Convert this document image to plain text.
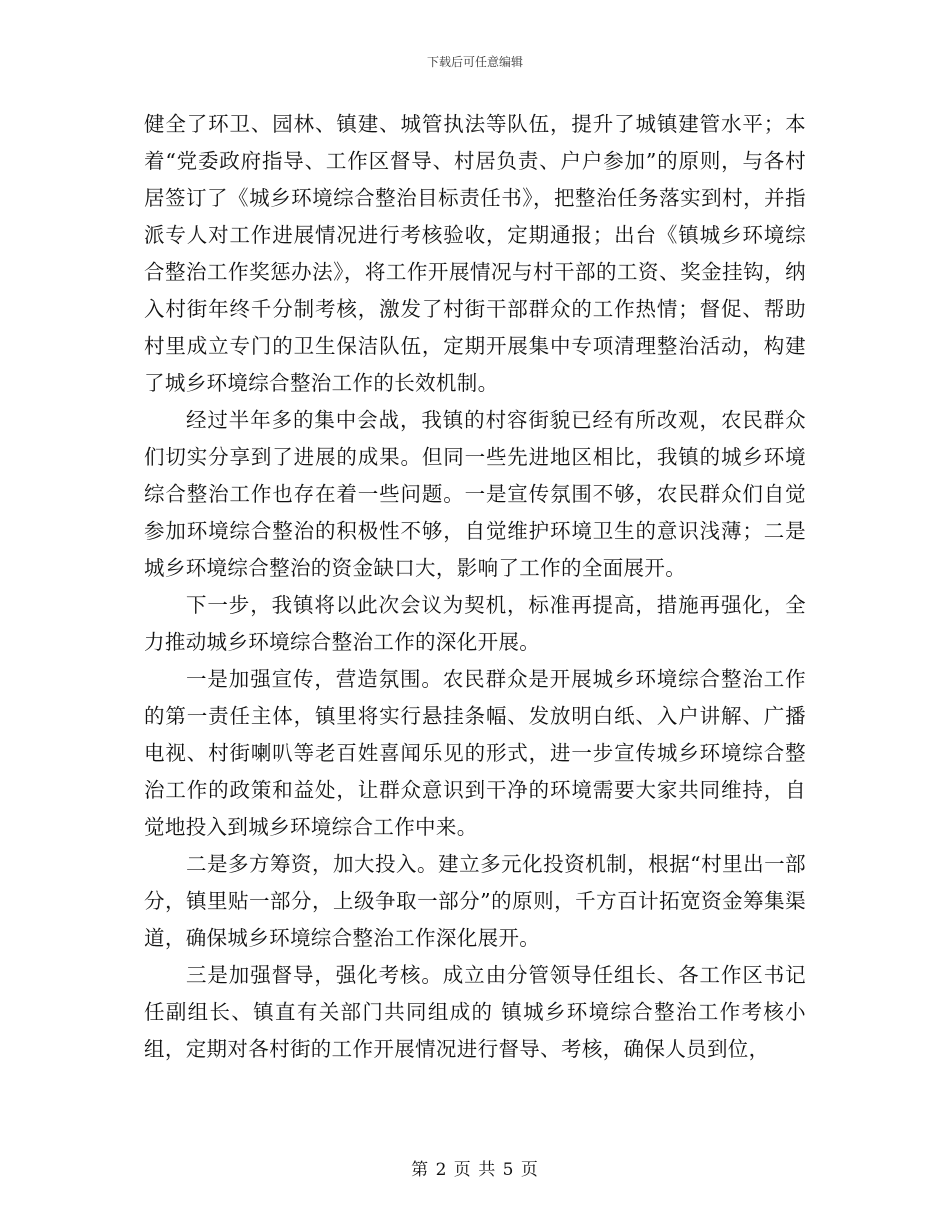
下载后可任意编辑

健全了环卫、园林、镇建、城管执法等队伍，提升了城镇建管水平；本着“党委政府指导、工作区督导、村居负责、户户参加”的原则，与各村居签订了《城乡环境综合整治目标责任书》，把整治任务落实到村，并指派专人对工作进展情况进行考核验收，定期通报；出台《镇城乡环境综合整治工作奖惩办法》，将工作开展情况与村干部的工资、奖金挂钩，纳入村街年终千分制考核，激发了村街干部群众的工作热情；督促、帮助村里成立专门的卫生保洁队伍，定期开展集中专项清理整治活动，构建了城乡环境综合整治工作的长效机制。

经过半年多的集中会战，我镇的村容街貌已经有所改观，农民群众们切实分享到了进展的成果。但同一些先进地区相比，我镇的城乡环境综合整治工作也存在着一些问题。一是宣传氛围不够，农民群众们自觉参加环境综合整治的积极性不够，自觉维护环境卫生的意识浅薄；二是城乡环境综合整治的资金缺口大，影响了工作的全面展开。

下一步，我镇将以此次会议为契机，标准再提高，措施再强化，全力推动城乡环境综合整治工作的深化开展。

一是加强宣传，营造氛围。农民群众是开展城乡环境综合整治工作的第一责任主体，镇里将实行悬挂条幅、发放明白纸、入户讲解、广播电视、村街喇叭等老百姓喜闻乐见的形式，进一步宣传城乡环境综合整治工作的政策和益处，让群众意识到干净的环境需要大家共同维持，自觉地投入到城乡环境综合工作中来。

二是多方筹资，加大投入。建立多元化投资机制，根据“村里出一部分，镇里贴一部分，上级争取一部分”的原则，千方百计拓宽资金筹集渠道，确保城乡环境综合整治工作深化展开。

三是加强督导，强化考核。成立由分管领导任组长、各工作区书记任副组长、镇直有关部门共同组成的 镇城乡环境综合整治工作考核小组，定期对各村街的工作开展情况进行督导、考核，确保人员到位，

第 2 页 共 5 页
